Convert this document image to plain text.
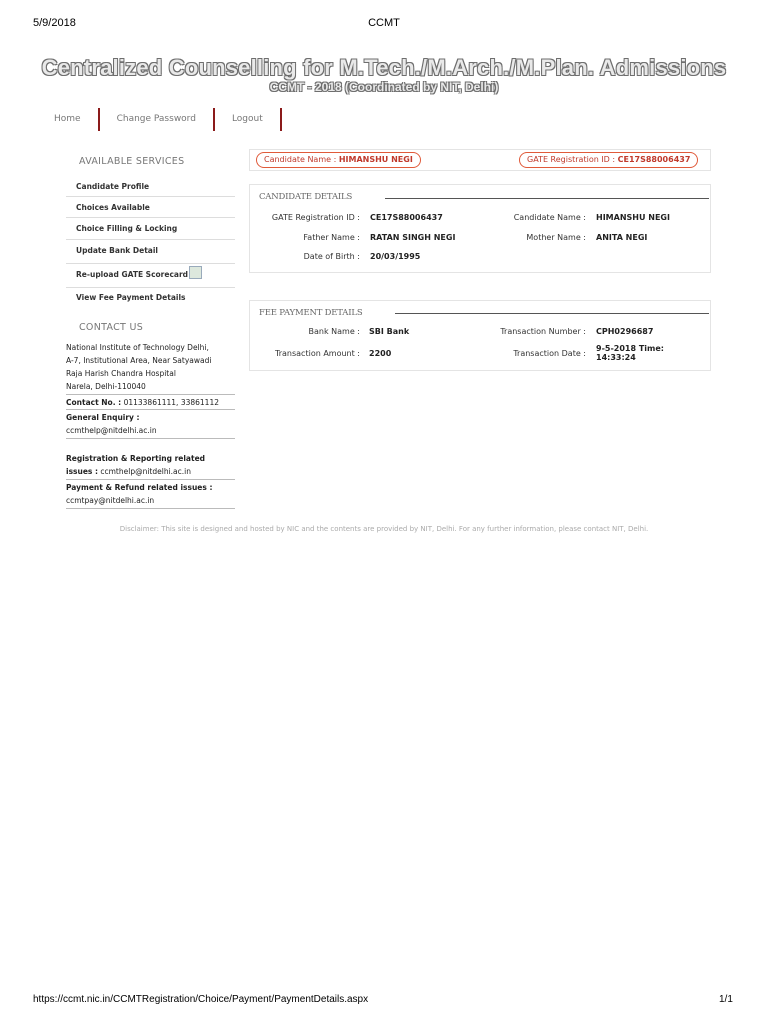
5/9/2018	CCMT
Centralized Counselling for M.Tech./M.Arch./M.Plan. Admissions
CCMT - 2018 (Coordinated by NIT, Delhi)
Home	Change Password	Logout
AVAILABLE SERVICES
Candidate Profile
Choices Available
Choice Filling & Locking
Update Bank Detail
Re-upload GATE Scorecard
View Fee Payment Details
CONTACT US
National Institute of Technology Delhi,
A-7, Institutional Area, Near Satyawadi
Raja Harish Chandra Hospital
Narela, Delhi-110040
Contact No. : 01133861111, 33861112
General Enquiry :
ccmthelp@nitdelhi.ac.in
Registration & Reporting related
issues : ccmthelp@nitdelhi.ac.in
Payment & Refund related issues :
ccmtpay@nitdelhi.ac.in
Candidate Name : HIMANSHU NEGI	GATE Registration ID : CE17S88006437
CANDIDATE DETAILS
GATE Registration ID : CE17S88006437	Candidate Name : HIMANSHU NEGI
Father Name : RATAN SINGH NEGI	Mother Name : ANITA NEGI
Date of Birth : 20/03/1995
FEE PAYMENT DETAILS
Bank Name : SBI Bank	Transaction Number : CPH0296687
Transaction Amount : 2200	Transaction Date :
9-5-2018 Time:
14:33:24
Disclaimer: This site is designed and hosted by NIC and the contents are provided by NIT, Delhi. For any further information, please contact NIT, Delhi.
https://ccmt.nic.in/CCMTRegistration/Choice/Payment/PaymentDetails.aspx	1/1
